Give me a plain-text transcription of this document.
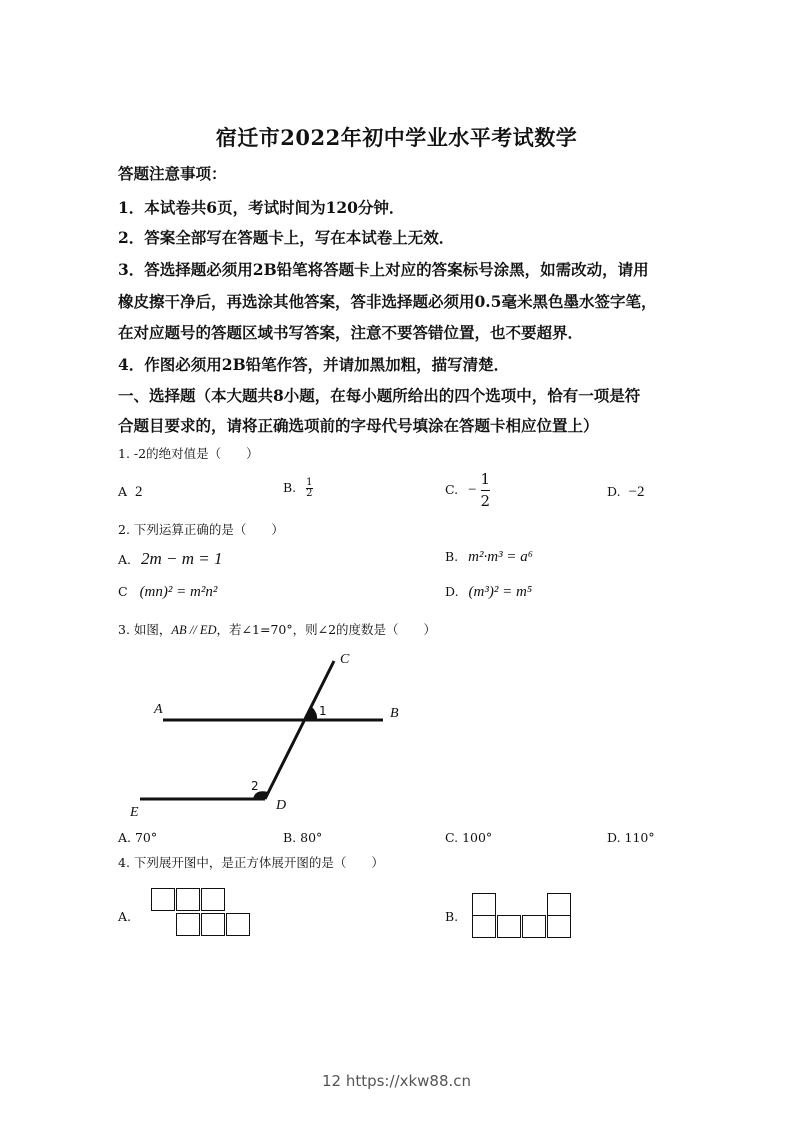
宿迁市2022年初中学业水平考试数学
答题注意事项：
1．本试卷共6页，考试时间为120分钟．
2．答案全部写在答题卡上，写在本试卷上无效．
3．答选择题必须用2B铅笔将答题卡上对应的答案标号涂黑，如需改动，请用
橡皮擦干净后，再选涂其他答案，答非选择题必须用0.5毫米黑色墨水签字笔，
在对应题号的答题区域书写答案，注意不要答错位置，也不要超界．
4．作图必须用2B铅笔作答，并请加黑加粗，描写清楚．
一、选择题（本大题共8小题，在每小题所给出的四个选项中，恰有一项是符
合题目要求的，请将正确选项前的字母代号填涂在答题卡相应位置上）
1. -2的绝对值是（　　）
A 2	B. $\frac{1}{2}$	C. − $\frac{1}{2}$	D. −2
2. 下列运算正确的是（　　）
A. 2m − m = 1	B. m²·m³ = a⁶
C (mn)² = m²n²	D. (m³)² = m⁵
3. 如图，AB // ED，若∠1=70°，则∠2的度数是（　　）
A	B
C
D
E
1
2
A. 70°	B. 80°	C. 100°	D. 110°
4. 下列展开图中，是正方体展开图的是（　　）
A.	B.
12 https://xkw88.cn
